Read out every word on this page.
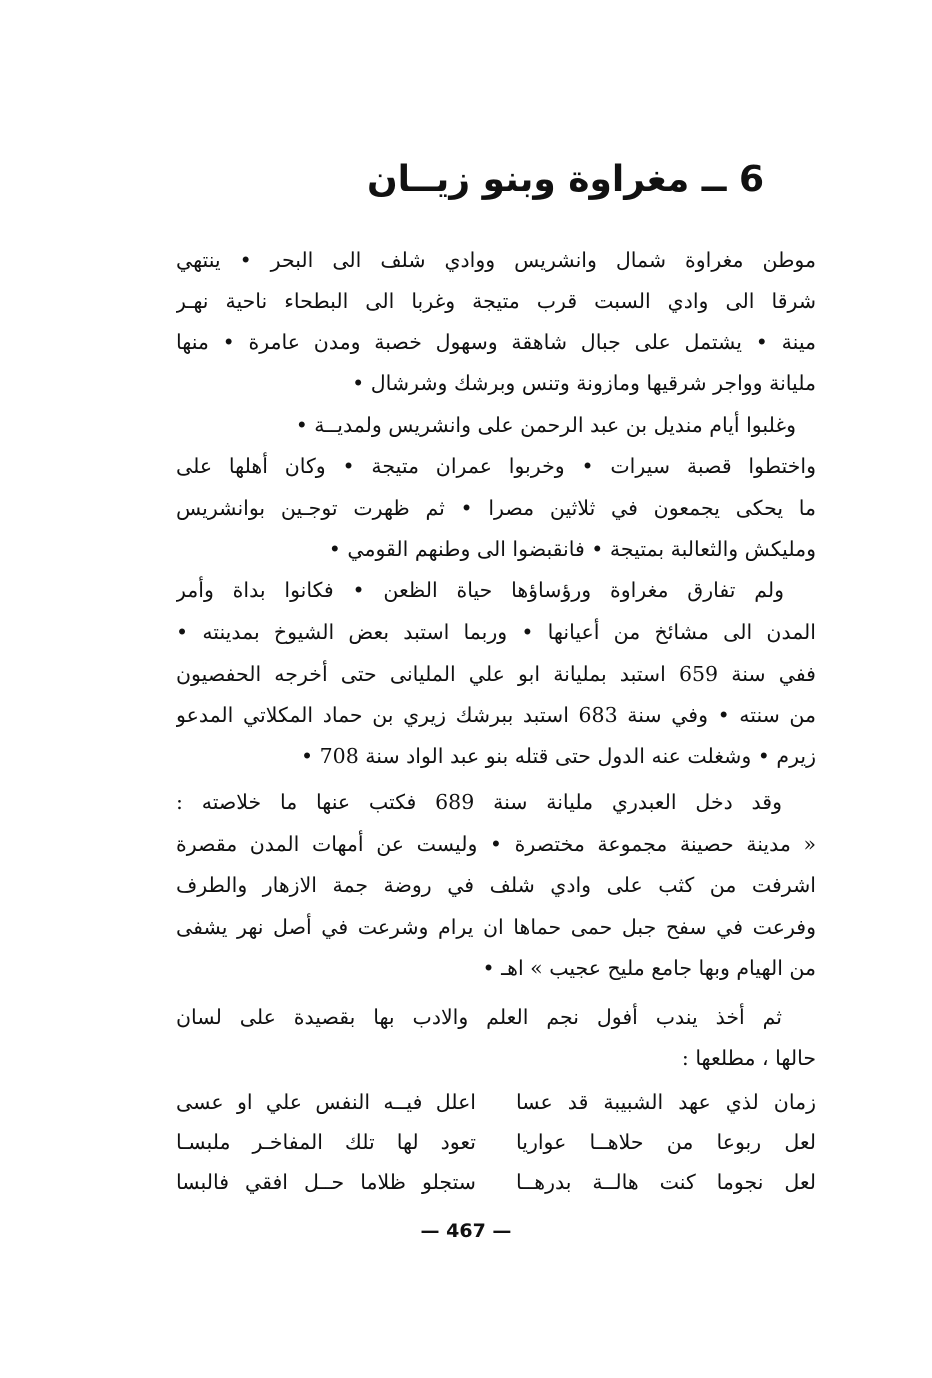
6 ــ مغراوة وبنو زيــان

موطن مغراوة شمال وانشريس ووادي شلف الى البحر • ينتهي

شرقا الى وادي السبت قرب متيجة وغربا الى البطحاء ناحية نهـر

مينة • يشتمل على جبال شاهقة وسهول خصبة ومدن عامرة • منها

مليانة وواجر شرقيها ومازونة وتنس وبرشك وشرشال •

وغلبوا أيام منديل بن عبد الرحمن على وانشريس ولمديــة •

واختطوا قصبة سيرات • وخربوا عمران متيجة • وكان أهلها على

ما يحكى يجمعون في ثلاثين مصرا • ثم ظهرت توجـين بوانشريس

ومليكش والثعالبة بمتيجة • فانقبضوا الى وطنهم القومي •

ولم تفارق مغراوة ورؤساؤها حياة الظعن • فكانوا بداة وأمر

المدن الى مشائخ من أعيانها • وربما استبد بعض الشيوخ بمدينته •

ففي سنة 659 استبد بمليانة ابو علي المليانى حتى أخرجه الحفصيون

من سنته • وفي سنة 683 استبد ببرشك زيري بن حماد المكلاتي المدعو

زيرم • وشغلت عنه الدول حتى قتله بنو عبد الواد سنة 708 •

وقد دخل العبدري مليانة سنة 689 فكتب عنها ما خلاصته :

« مدينة حصينة مجموعة مختصرة • وليست عن أمهات المدن مقصرة

اشرفت من كثب على وادي شلف في روضة جمة الازهار والطرف

وفرعت في سفح جبل حمى حماها ان يرام وشرعت في أصل نهر يشفى

من الهيام وبها جامع مليح عجيب » اهـ •

ثم أخذ يندب أفول نجم العلم والادب بها بقصيدة على لسان

حالها ، مطلعها :

زمان لذي عهد الشبيبة قد عسا
اعلل فيــه النفس علي او عسى
لعل ربوعا من حلاهــا عواريا
تعود لها تلك المفاخـر ملبسـا
لعل نجوما كنت هالــة بدرهــا
ستجلو ظلاما حــل افقي فالبسا

— 467 —
